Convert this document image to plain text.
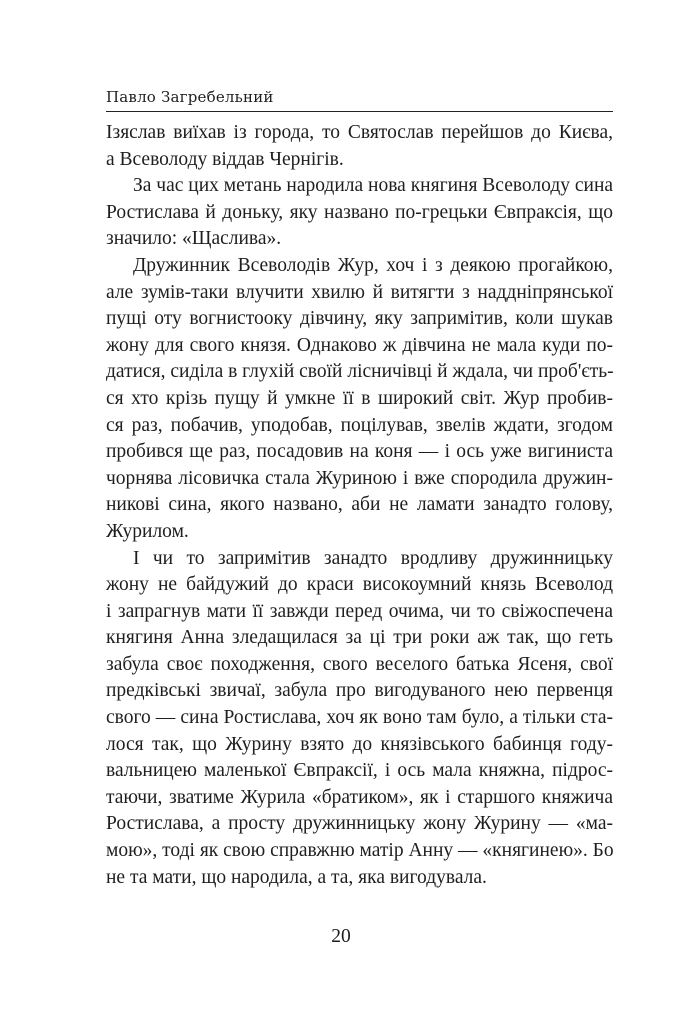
Павло Загребельний
Ізяслав виїхав із города, то Святослав перейшов до Києва,
а Всеволоду віддав Чернігів.
За час цих метань народила нова княгиня Всеволоду сина
Ростислава й доньку, яку названо по-грецьки Євпраксія, що
значило: «Щаслива».
Дружинник Всеволодів Жур, хоч і з деякою прогайкою,
але зумів-таки влучити хвилю й витягти з наддніпрянської
пущі оту вогнистооку дівчину, яку запримітив, коли шукав
жону для свого князя. Однаково ж дівчина не мала куди по-
датися, сиділа в глухій своїй лісничівці й ждала, чи проб'єть-
ся хто крізь пущу й умкне її в широкий світ. Жур пробив-
ся раз, побачив, уподобав, поцілував, звелів ждати, згодом
пробився ще раз, посадовив на коня — і ось уже вигиниста
чорнява лісовичка стала Журиною і вже спородила дружин-
никові сина, якого названо, аби не ламати занадто голову,
Журилом.
І чи то запримітив занадто вродливу дружинницьку
жону не байдужий до краси високоумний князь Всеволод
і запрагнув мати її завжди перед очима, чи то свіжоспечена
княгиня Анна зледащилася за ці три роки аж так, що геть
забула своє походження, свого веселого батька Ясеня, свої
предківські звичаї, забула про вигодуваного нею первенця
свого — сина Ростислава, хоч як воно там було, а тільки ста-
лося так, що Журину взято до князівського бабинця году-
вальницею маленької Євпраксії, і ось мала княжна, підрос-
таючи, зватиме Журила «братиком», як і старшого княжича
Ростислава, а просту дружинницьку жону Журину — «ма-
мою», тоді як свою справжню матір Анну — «княгинею». Бо
не та мати, що народила, а та, яка вигодувала.
20
